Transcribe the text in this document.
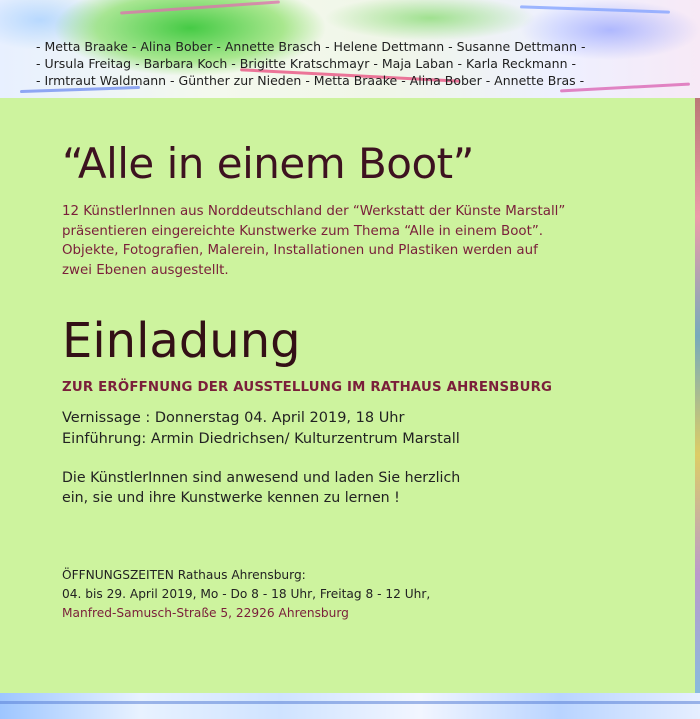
- Metta Braake - Alina Bober - Annette Brasch - Helene Dettmann - Susanne Dettmann -
- Ursula Freitag - Barbara Koch - Brigitte Kratschmayr - Maja Laban - Karla Reckmann -
- Irmtraut Waldmann - Günther zur Nieden - Metta Braake - Alina Bober - Annette Bras -
“Alle in einem Boot”
12 KünstlerInnen aus Norddeutschland der “Werkstatt der Künste Marstall”
präsentieren eingereichte Kunstwerke zum Thema “Alle in einem Boot”.
Objekte, Fotografien, Malerein, Installationen und Plastiken werden auf
zwei Ebenen ausgestellt.
Einladung
ZUR ERÖFFNUNG DER AUSSTELLUNG IM RATHAUS AHRENSBURG
Vernissage : Donnerstag 04. April 2019, 18 Uhr
Einführung: Armin Diedrichsen/ Kulturzentrum Marstall
Die KünstlerInnen sind anwesend und laden Sie herzlich
ein, sie und ihre Kunstwerke kennen zu lernen !
ÖFFNUNGSZEITEN Rathaus Ahrensburg:
04. bis 29. April 2019, Mo - Do 8 - 18 Uhr, Freitag 8 - 12 Uhr,
Manfred-Samusch-Straße 5, 22926 Ahrensburg
